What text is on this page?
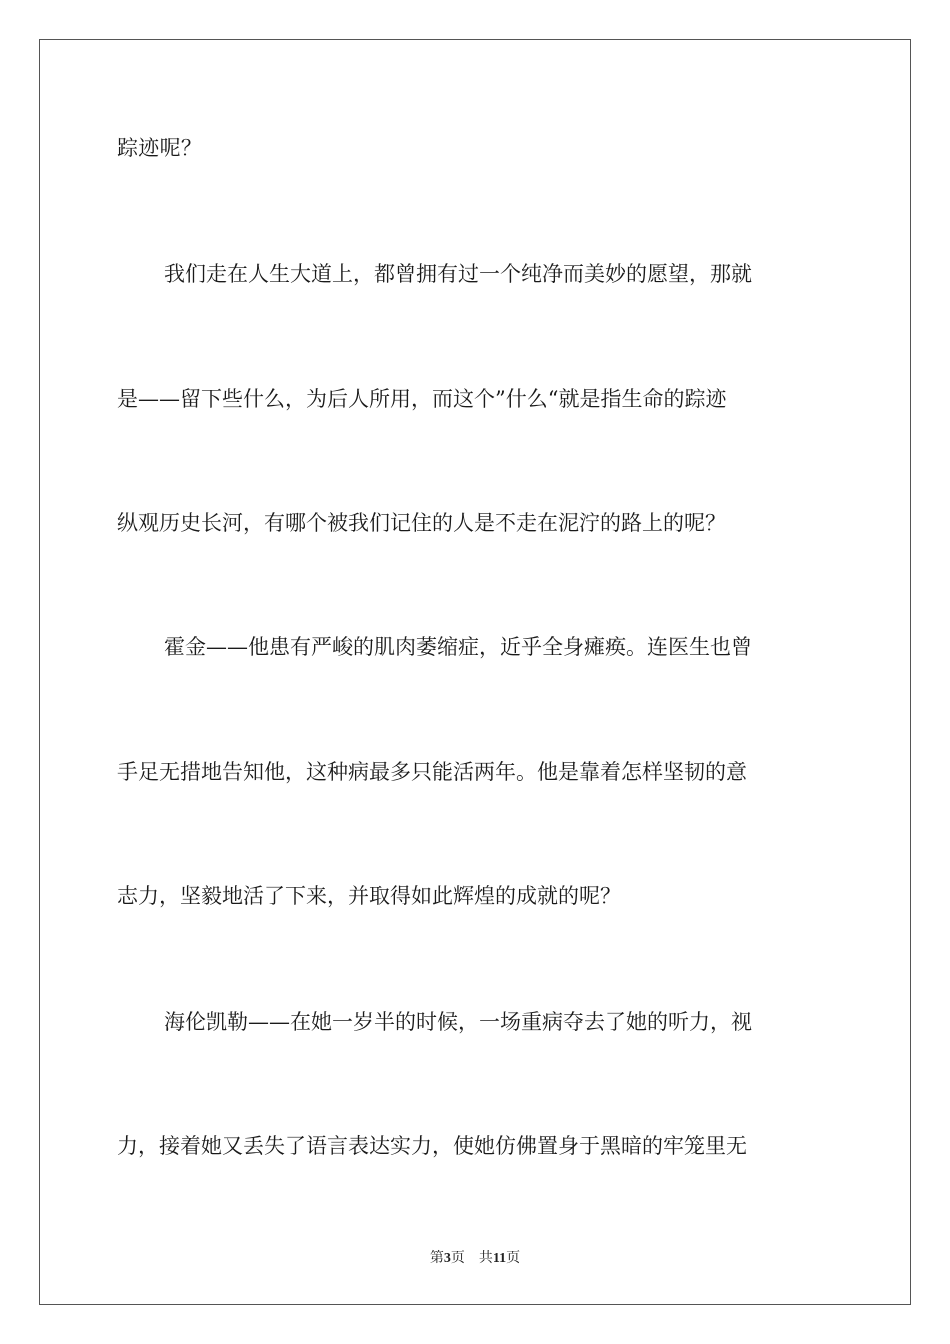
踪迹呢？
我们走在人生大道上，都曾拥有过一个纯净而美妙的愿望，那就
是——留下些什么，为后人所用，而这个”什么“就是指生命的踪迹
纵观历史长河，有哪个被我们记住的人是不走在泥泞的路上的呢？
霍金——他患有严峻的肌肉萎缩症，近乎全身瘫痪。连医生也曾
手足无措地告知他，这种病最多只能活两年。他是靠着怎样坚韧的意
志力，坚毅地活了下来，并取得如此辉煌的成就的呢？
海伦凯勒——在她一岁半的时候，一场重病夺去了她的听力，视
力，接着她又丢失了语言表达实力，使她仿佛置身于黑暗的牢笼里无
第3页 共11页
